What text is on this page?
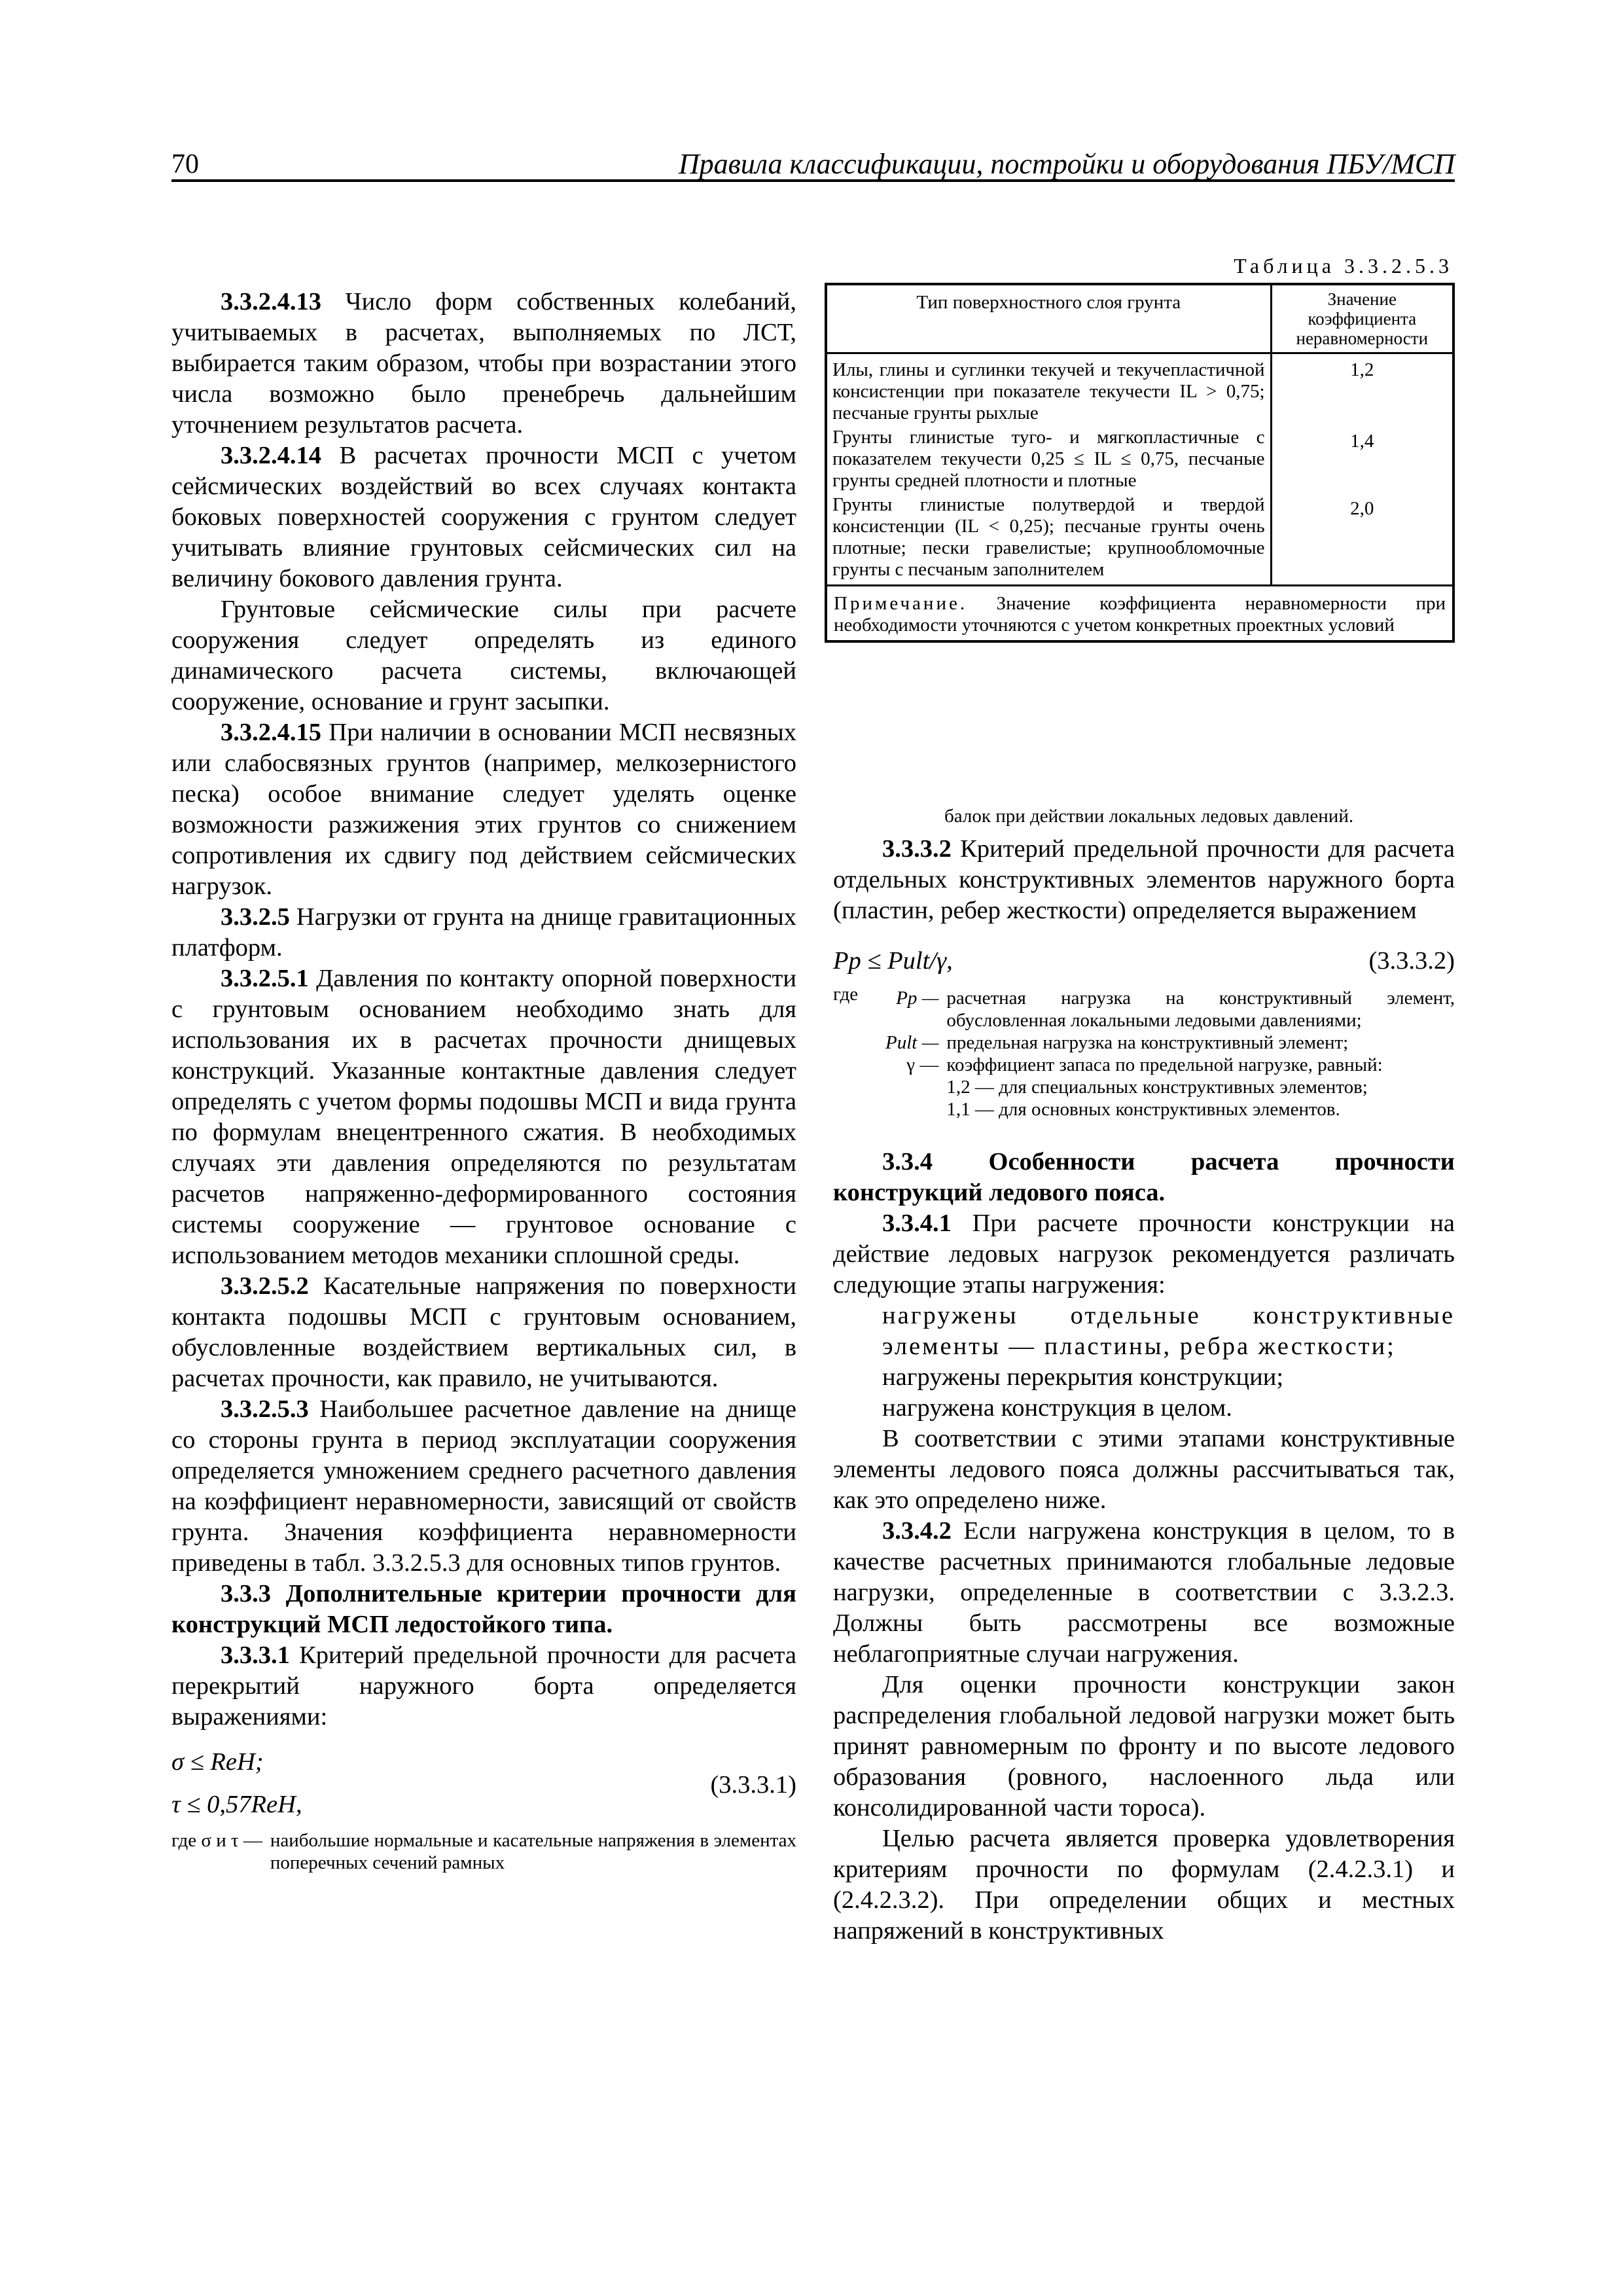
70	Правила классификации, постройки и оборудования ПБУ/МСП
Таблица 3.3.2.5.3
Тип поверхностного слоя грунта	Значение коэффициента неравномерности
Илы, глины и суглинки текучей и текучепластичной консистенции при показателе текучести IL > 0,75; песчаные грунты рыхлые	1,2
Грунты глинистые туго- и мягкопластичные с показателем текучести 0,25 ≤ IL ≤ 0,75, песчаные грунты средней плотности и плотные	1,4
Грунты глинистые полутвердой и твердой консистенции (IL < 0,25); песчаные грунты очень плотные; пески гравелистые; крупнообломочные грунты с песчаным заполнителем	2,0
Примечание. Значение коэффициента неравномерности при необходимости уточняются с учетом конкретных проектных условий	

3.3.2.4.13 Число форм собственных колебаний, учитываемых в расчетах, выполняемых по ЛСТ, выбирается таким образом, чтобы при возрастании этого числа возможно было пренебречь дальнейшим уточнением результатов расчета.

3.3.2.4.14 В расчетах прочности МСП с учетом сейсмических воздействий во всех случаях контакта боковых поверхностей сооружения с грунтом следует учитывать влияние грунтовых сейсмических сил на величину бокового давления грунта.

Грунтовые сейсмические силы при расчете сооружения следует определять из единого динамического расчета системы, включающей сооружение, основание и грунт засыпки.

3.3.2.4.15 При наличии в основании МСП несвязных или слабосвязных грунтов (например, мелкозернистого песка) особое внимание следует уделять оценке возможности разжижения этих грунтов со снижением сопротивления их сдвигу под действием сейсмических нагрузок.

3.3.2.5 Нагрузки от грунта на днище гравитационных платформ.

3.3.2.5.1 Давления по контакту опорной поверхности с грунтовым основанием необходимо знать для использования их в расчетах прочности днищевых конструкций. Указанные контактные давления следует определять с учетом формы подошвы МСП и вида грунта по формулам внецентренного сжатия. В необходимых случаях эти давления определяются по результатам расчетов напряженно-деформированного состояния системы сооружение — грунтовое основание с использованием методов механики сплошной среды.

3.3.2.5.2 Касательные напряжения по поверхности контакта подошвы МСП с грунтовым основанием, обусловленные воздействием вертикальных сил, в расчетах прочности, как правило, не учитываются.

3.3.2.5.3 Наибольшее расчетное давление на днище со стороны грунта в период эксплуатации сооружения определяется умножением среднего расчетного давления на коэффициент неравномерности, зависящий от свойств грунта. Значения коэффициента неравномерности приведены в табл. 3.3.2.5.3 для основных типов грунтов.

3.3.3 Дополнительные критерии прочности для конструкций МСП ледостойкого типа.

3.3.3.1 Критерий предельной прочности для расчета перекрытий наружного борта определяется выражениями:

σ ≤ ReH;
τ ≤ 0,57ReH,
(3.3.3.1)
где σ и τ — наибольшие нормальные и касательные напряжения в элементах поперечных сечений рамных
балок при действии локальных ледовых давлений.

3.3.3.2 Критерий предельной прочности для расчета отдельных конструктивных элементов наружного борта (пластин, ребер жесткости) определяется выражением

Pp ≤ Pult/γ,	(3.3.3.2)
где	Pp — расчетная нагрузка на конструктивный элемент, обусловленная локальными ледовыми давлениями;
Pult — предельная нагрузка на конструктивный элемент;
γ — коэффициент запаса по предельной нагрузке, равный:
1,2 — для специальных конструктивных элементов;
1,1 — для основных конструктивных элементов.

3.3.4 Особенности расчета прочности конструкций ледового пояса.

3.3.4.1 При расчете прочности конструкции на действие ледовых нагрузок рекомендуется различать следующие этапы нагружения:

нагружены отдельные конструктивные элементы — пластины, ребра жесткости;
нагружены перекрытия конструкции;
нагружена конструкция в целом.

В соответствии с этими этапами конструктивные элементы ледового пояса должны рассчитываться так, как это определено ниже.

3.3.4.2 Если нагружена конструкция в целом, то в качестве расчетных принимаются глобальные ледовые нагрузки, определенные в соответствии с 3.3.2.3. Должны быть рассмотрены все возможные неблагоприятные случаи нагружения.

Для оценки прочности конструкции закон распределения глобальной ледовой нагрузки может быть принят равномерным по фронту и по высоте ледового образования (ровного, наслоенного льда или консолидированной части тороса).

Целью расчета является проверка удовлетворения критериям прочности по формулам (2.4.2.3.1) и (2.4.2.3.2). При определении общих и местных напряжений в конструктивных
